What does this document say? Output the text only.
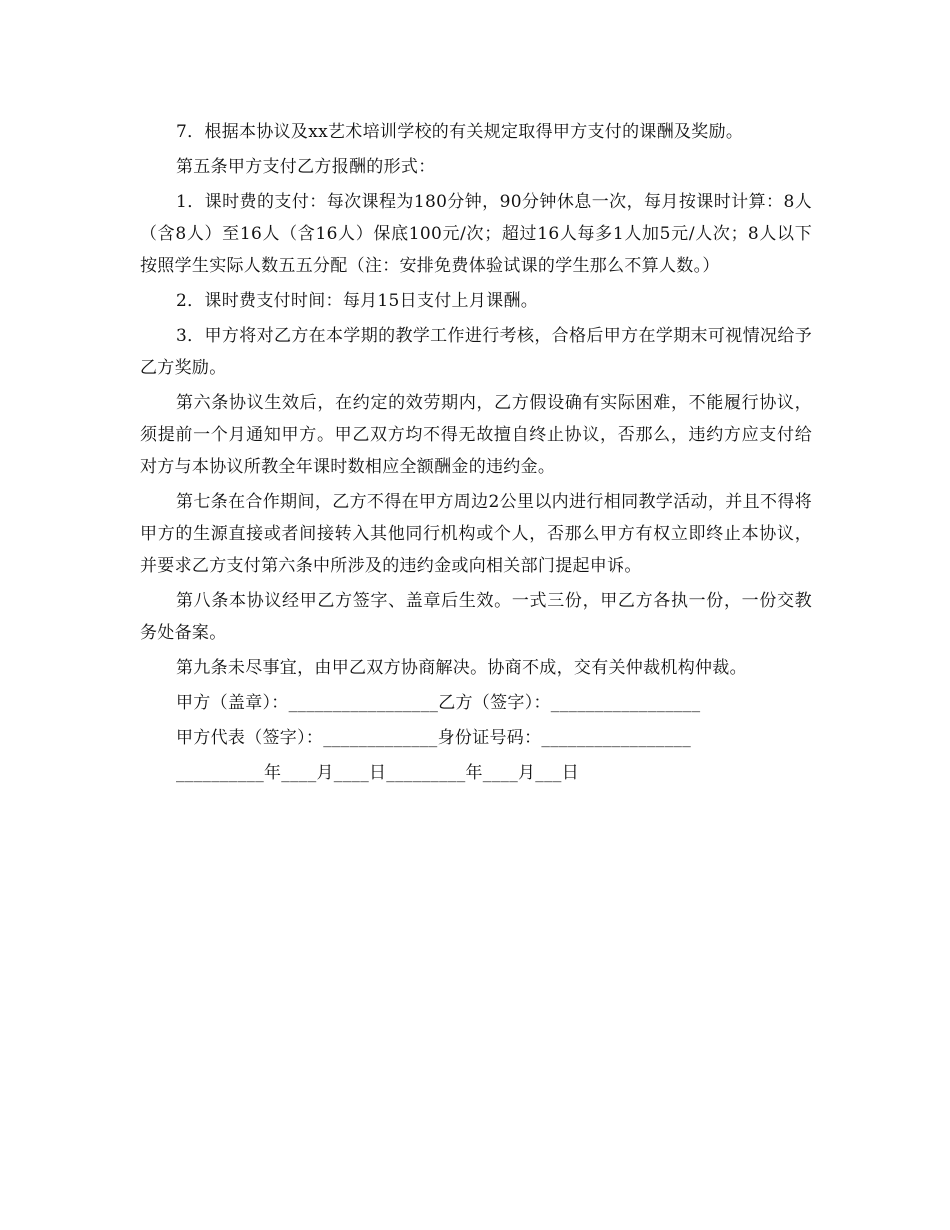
7．根据本协议及xx艺术培训学校的有关规定取得甲方支付的课酬及奖励。

第五条甲方支付乙方报酬的形式：

1．课时费的支付：每次课程为180分钟，90分钟休息一次，每月按课时计算：8人（含8人）至16人（含16人）保底100元/次；超过16人每多1人加5元/人次；8人以下按照学生实际人数五五分配（注：安排免费体验试课的学生那么不算人数。）

2．课时费支付时间：每月15日支付上月课酬。

3．甲方将对乙方在本学期的教学工作进行考核，合格后甲方在学期末可视情况给予乙方奖励。

第六条协议生效后，在约定的效劳期内，乙方假设确有实际困难，不能履行协议，须提前一个月通知甲方。甲乙双方均不得无故擅自终止协议，否那么，违约方应支付给对方与本协议所教全年课时数相应全额酬金的违约金。

第七条在合作期间，乙方不得在甲方周边2公里以内进行相同教学活动，并且不得将甲方的生源直接或者间接转入其他同行机构或个人，否那么甲方有权立即终止本协议，并要求乙方支付第六条中所涉及的违约金或向相关部门提起申诉。

第八条本协议经甲乙方签字、盖章后生效。一式三份，甲乙方各执一份，一份交教务处备案。

第九条未尽事宜，由甲乙双方协商解决。协商不成，交有关仲裁机构仲裁。

甲方（盖章）：_________________乙方（签字）：_________________
甲方代表（签字）：_____________身份证号码：_________________
__________年____月____日_________年____月___日
